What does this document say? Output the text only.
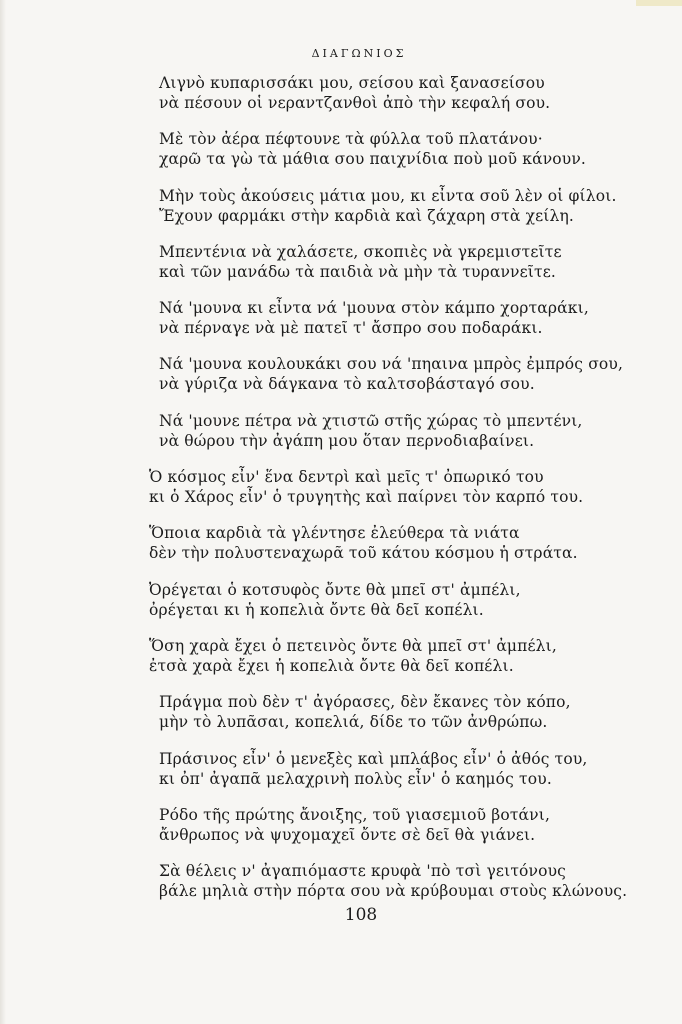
ΔΙΑΓΩΝΙΟΣ
Λιγνὸ κυπαρισσάκι μου, σείσου καὶ ξανασείσου
νὰ πέσουν οἱ νεραντζανθοὶ ἀπὸ τὴν κεφαλή σου.
Μὲ τὸν ἀέρα πέφτουνε τὰ φύλλα τοῦ πλατάνου·
χαρῶ τα γὼ τὰ μάθια σου παιχνίδια ποὺ μοῦ κάνουν.
Μὴν τοὺς ἀκούσεις μάτια μου, κι εἶντα σοῦ λὲν οἱ φίλοι.
Ἔχουν φαρμάκι στὴν καρδιὰ καὶ ζάχαρη στὰ χείλη.
Μπεντένια νὰ χαλάσετε, σκοπιὲς νὰ γκρεμιστεῖτε
καὶ τῶν μανάδω τὰ παιδιὰ νὰ μὴν τὰ τυραννεῖτε.
Νά 'μουνα κι εἶντα νά 'μουνα στὸν κάμπο χορταράκι,
νὰ πέρναγε νὰ μὲ πατεῖ τ' ἄσπρο σου ποδαράκι.
Νά 'μουνα κουλουκάκι σου νά 'πηαινα μπρὸς ἐμπρός σου,
νὰ γύριζα νὰ δάγκανα τὸ καλτσοβάσταγό σου.
Νά 'μουνε πέτρα νὰ χτιστῶ στῆς χώρας τὸ μπεντένι,
νὰ θώρου τὴν ἀγάπη μου ὅταν περνοδιαβαίνει.
Ὁ κόσμος εἶν' ἕνα δεντρὶ καὶ μεῖς τ' ὀπωρικό του
κι ὁ Χάρος εἶν' ὁ τρυγητὴς καὶ παίρνει τὸν καρπό του.
Ὅποια καρδιὰ τὰ γλέντησε ἐλεύθερα τὰ νιάτα
δὲν τὴν πολυστεναχωρᾶ τοῦ κάτου κόσμου ἡ στράτα.
Ὀρέγεται ὁ κοτσυφὸς ὄντε θὰ μπεῖ στ' ἀμπέλι,
ὀρέγεται κι ἡ κοπελιὰ ὄντε θὰ δεῖ κοπέλι.
Ὅση χαρὰ ἔχει ὁ πετεινὸς ὄντε θὰ μπεῖ στ' ἀμπέλι,
ἐτσὰ χαρὰ ἔχει ἡ κοπελιὰ ὄντε θὰ δεῖ κοπέλι.
Πράγμα ποὺ δὲν τ' ἀγόρασες, δὲν ἔκανες τὸν κόπο,
μὴν τὸ λυπᾶσαι, κοπελιά, δίδε το τῶν ἀνθρώπω.
Πράσινος εἶν' ὁ μενεξὲς καὶ μπλάβος εἶν' ὁ ἀθός του,
κι ὀπ' ἀγαπᾶ μελαχρινὴ πολὺς εἶν' ὁ καημός του.
Ρόδο τῆς πρώτης ἄνοιξης, τοῦ γιασεμιοῦ βοτάνι,
ἄνθρωπος νὰ ψυχομαχεῖ ὄντε σὲ δεῖ θὰ γιάνει.
Σὰ θέλεις ν' ἀγαπιόμαστε κρυφὰ 'πὸ τσὶ γειτόνους
βάλε μηλιὰ στὴν πόρτα σου νὰ κρύβουμαι στοὺς κλώνους.
108
